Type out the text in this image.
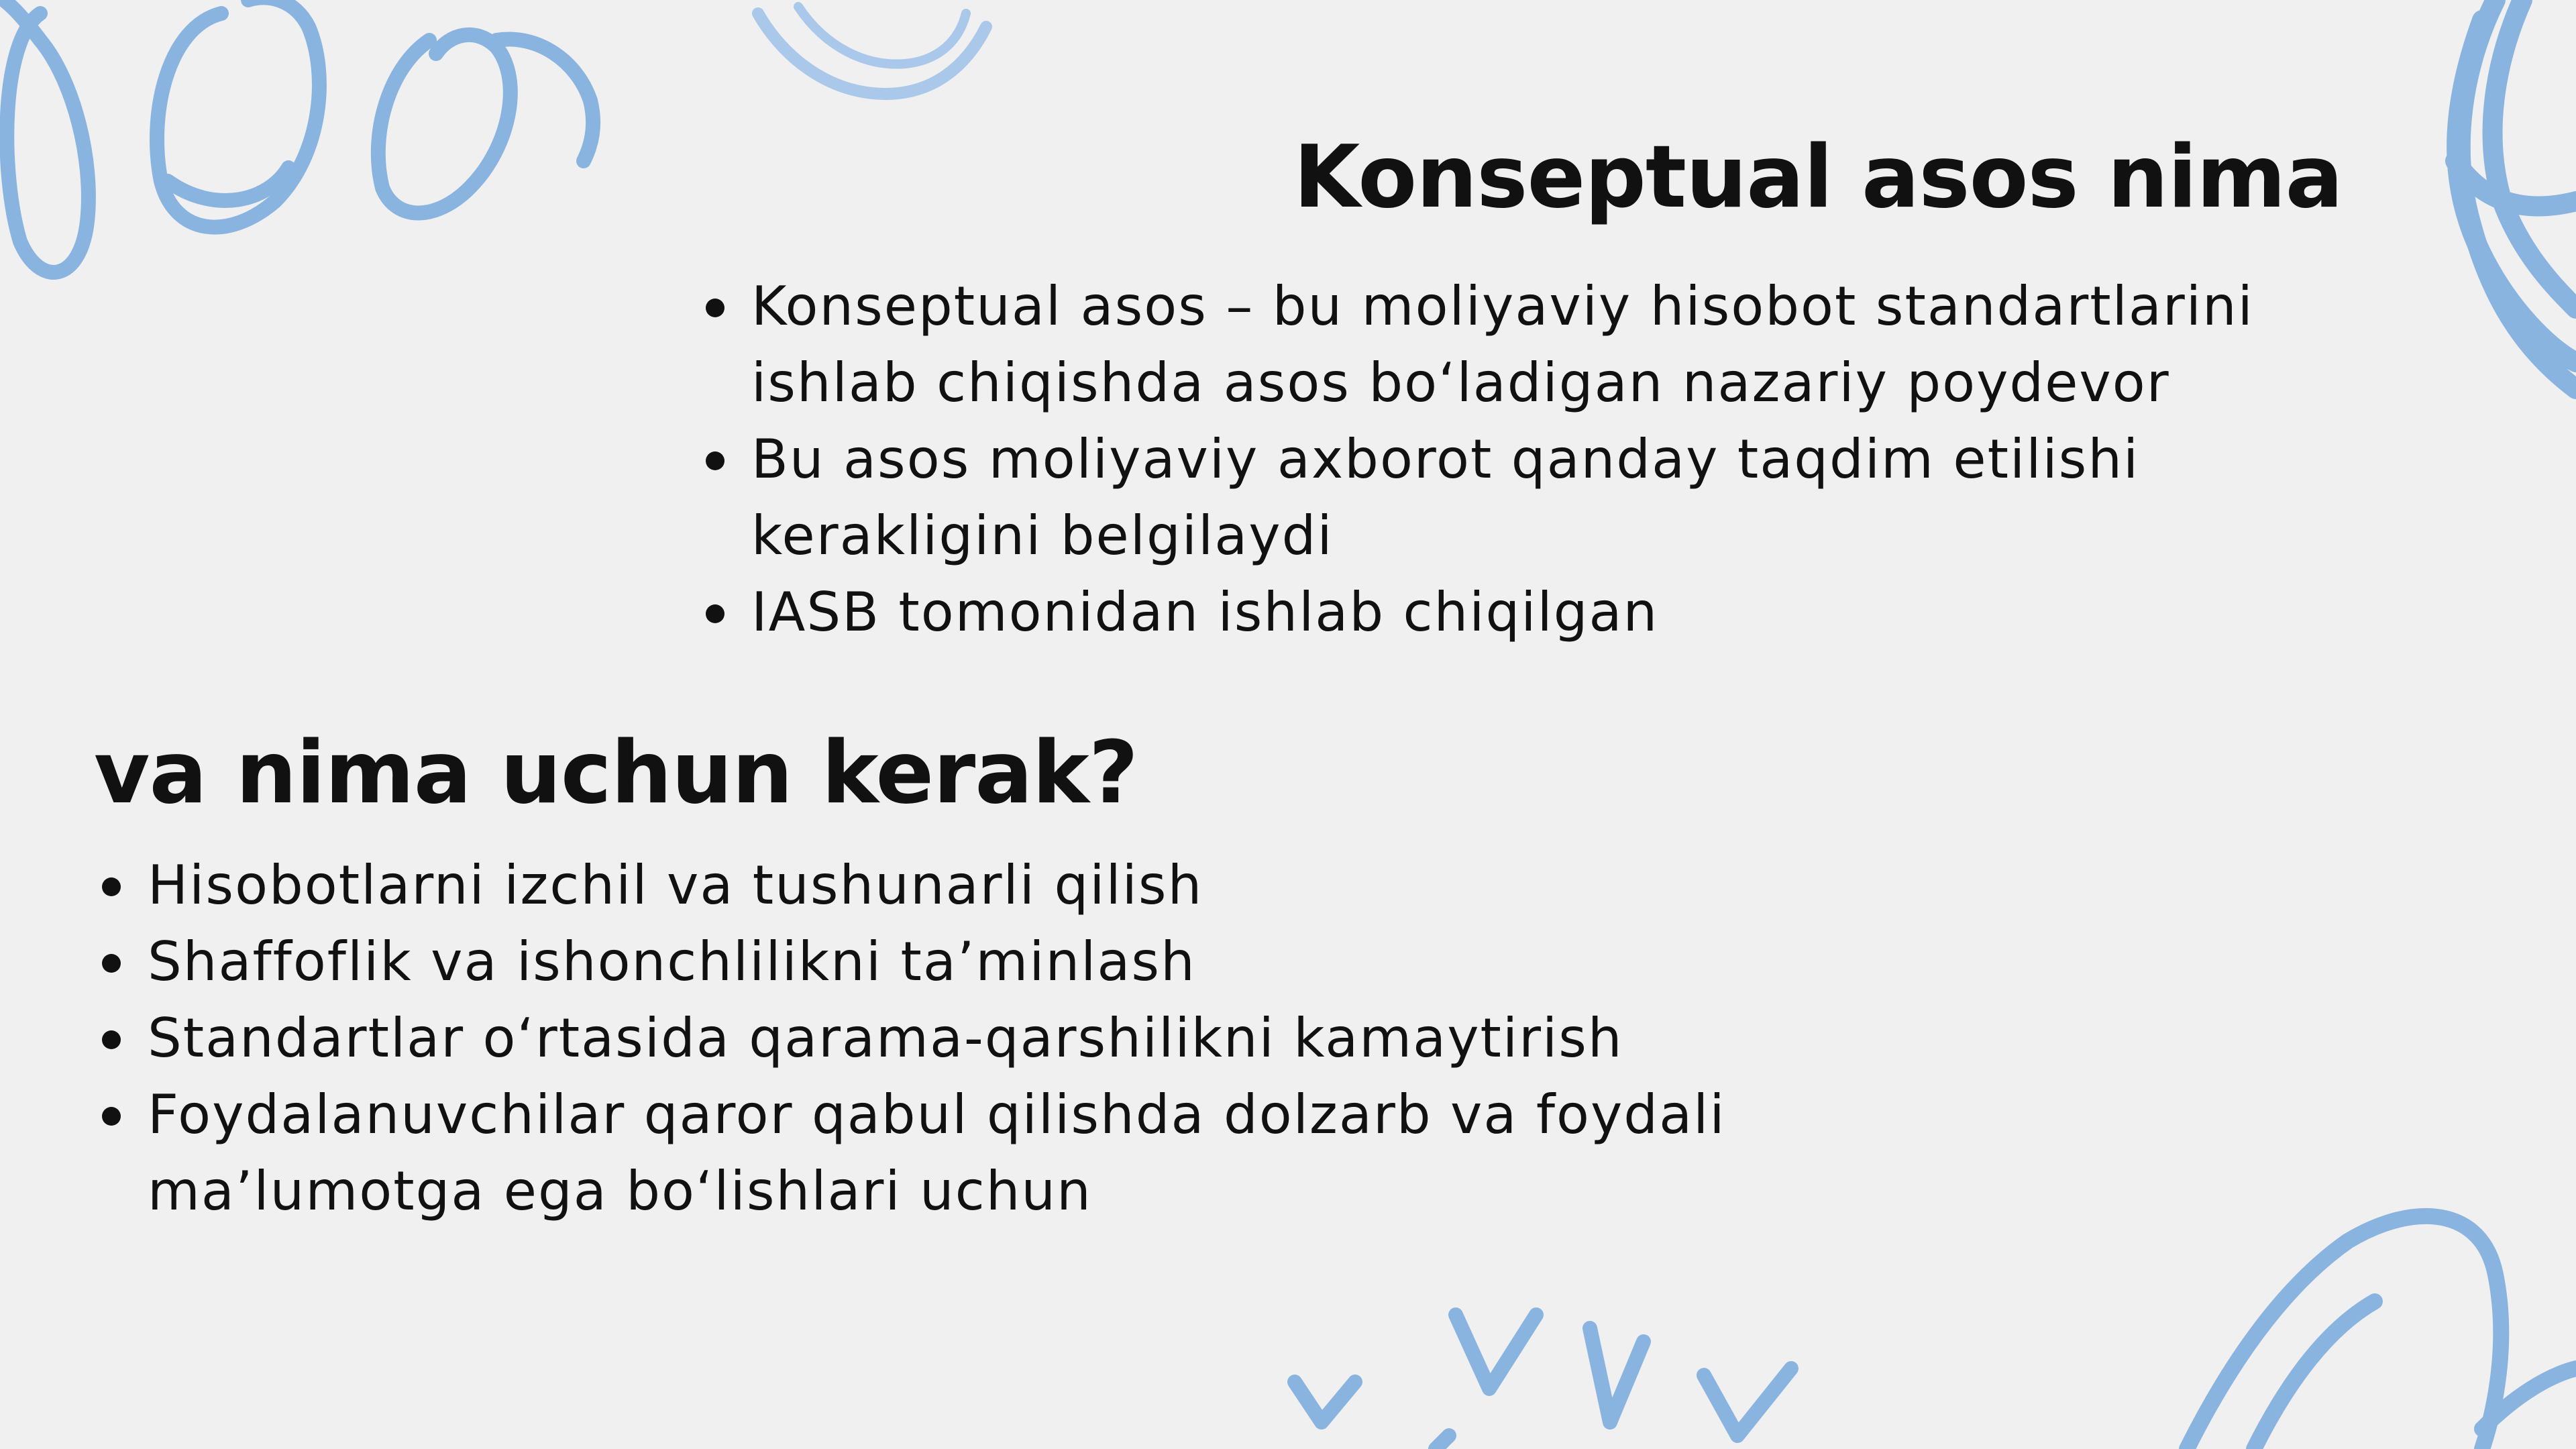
Konseptual asos nima
Konseptual asos – bu moliyaviy hisobot standartlarini ishlab chiqishda asos boʻladigan nazariy poydevor
Bu asos moliyaviy axborot qanday taqdim etilishi kerakligini belgilaydi
IASB tomonidan ishlab chiqilgan
va nima uchun kerak?
Hisobotlarni izchil va tushunarli qilish
Shaffoflik va ishonchlilikni taʼminlash
Standartlar oʻrtasida qarama-qarshilikni kamaytirish
Foydalanuvchilar qaror qabul qilishda dolzarb va foydali maʼlumotga ega boʻlishlari uchun
